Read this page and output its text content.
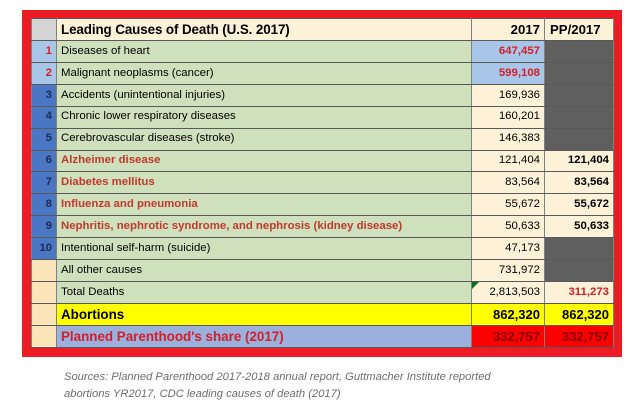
	Leading Causes of Death (U.S. 2017)	2017	PP/2017
1	Diseases of heart	647,457	
2	Malignant neoplasms (cancer)	599,108	
3	Accidents (unintentional injuries)	169,936	
4	Chronic lower respiratory diseases	160,201	
5	Cerebrovascular diseases (stroke)	146,383	
6	Alzheimer disease	121,404	121,404
7	Diabetes mellitus	83,564	83,564
8	Influenza and pneumonia	55,672	55,672
9	Nephritis, nephrotic syndrome, and nephrosis (kidney disease)	50,633	50,633
10	Intentional self-harm (suicide)	47,173	
	All other causes	731,972	
	Total Deaths	2,813,503	311,273
	Abortions	862,320	862,320
	Planned Parenthood's share (2017)	332,757	332,757
Sources: Planned Parenthood 2017-2018 annual report, Guttmacher Institute reported
abortions YR2017, CDC leading causes of death (2017)
